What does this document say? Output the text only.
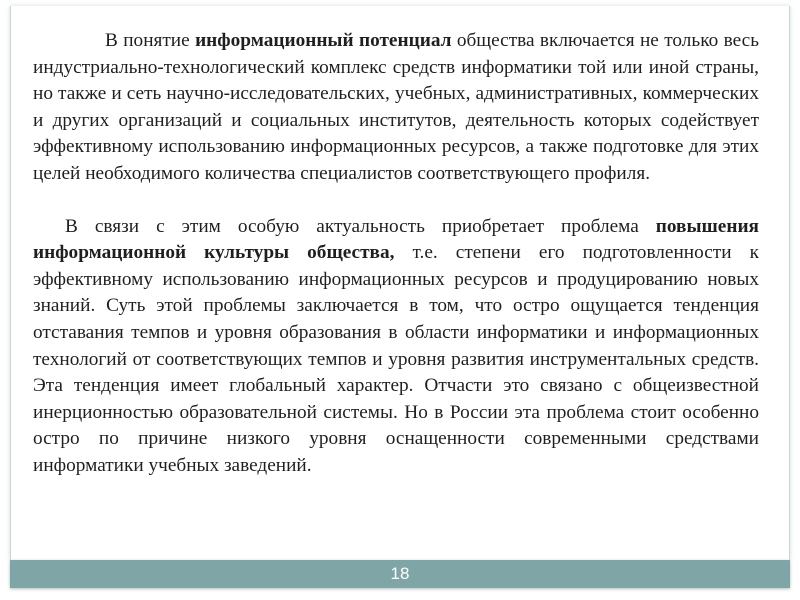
В понятие информационный потенциал общества включается не только весь индустриально-технологический комплекс средств информатики той или иной страны, но также и сеть научно-исследовательских, учебных, административных, коммерческих и других организаций и социальных институтов, деятельность которых содействует эффективному использованию информационных ресурсов, а также подготовке для этих целей необходимого количества специалистов соответствующего профиля.

В связи с этим особую актуальность приобретает проблема повышения информационной культуры общества, т.е. степени его подготовленности к эффективному использованию информационных ресурсов и продуцированию новых знаний. Суть этой проблемы заключается в том, что остро ощущается тенденция отставания темпов и уровня образования в области информатики и информационных технологий от соответствующих темпов и уровня развития инструментальных средств. Эта тенденция имеет глобальный характер. Отчасти это связано с общеизвестной инерционностью образовательной системы. Но в России эта проблема стоит особенно остро по причине низкого уровня оснащенности современными средствами информатики учебных заведений.

18
